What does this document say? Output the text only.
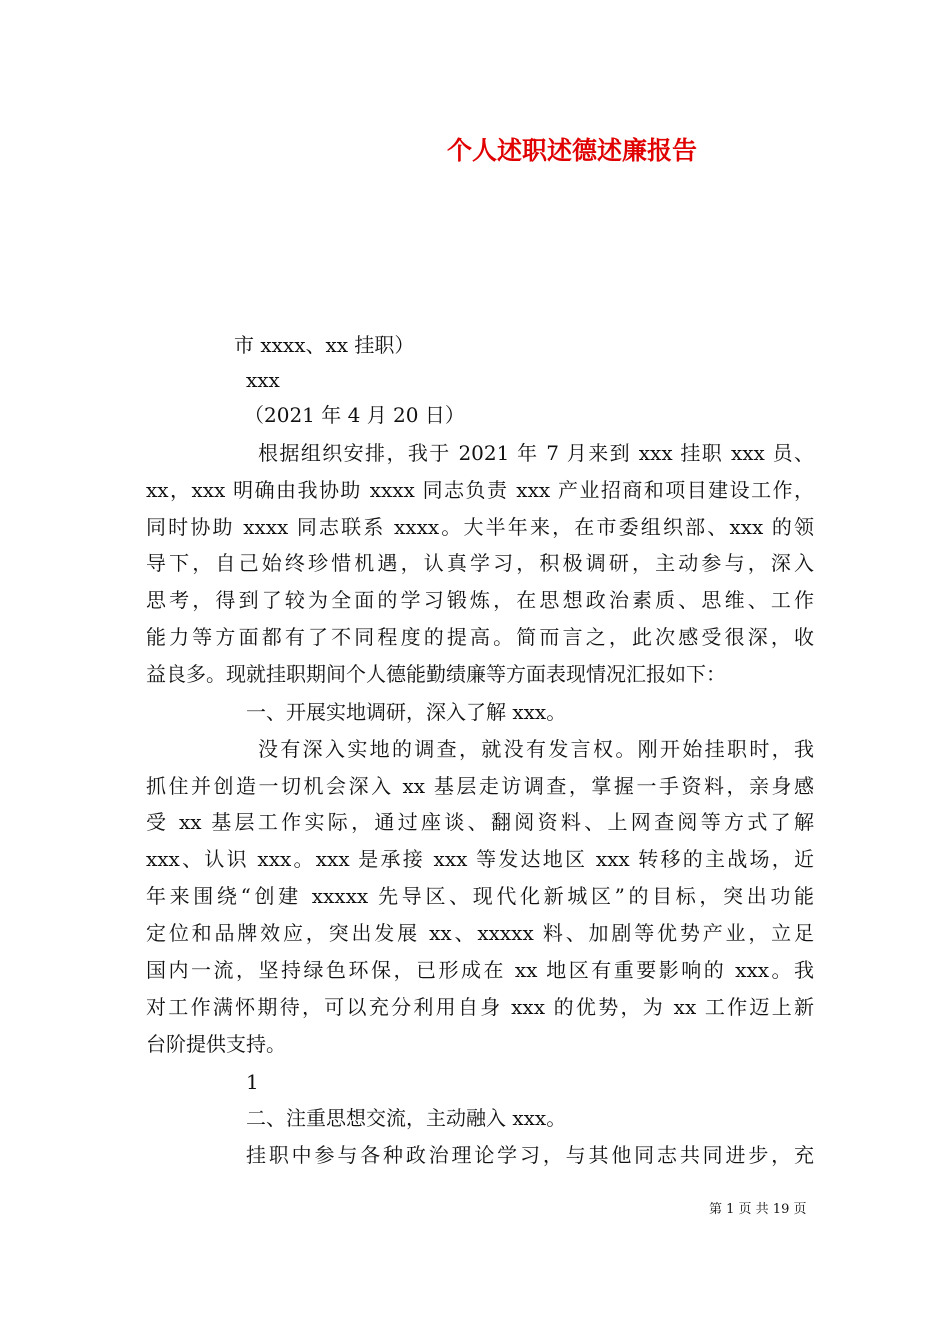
个人述职述德述廉报告
市 xxxx、xx 挂职）
xxx
（2021 年 4 月 20 日）
根据组织安排，我于 2021 年 7 月来到 xxx 挂职 xxx 员、
xx，xxx 明确由我协助 xxxx 同志负责 xxx 产业招商和项目建设工作，
同时协助 xxxx 同志联系 xxxx。大半年来，在市委组织部、xxx 的领
导下，自己始终珍惜机遇，认真学习，积极调研，主动参与，深入
思考，得到了较为全面的学习锻炼，在思想政治素质、思维、工作
能力等方面都有了不同程度的提高。简而言之，此次感受很深，收
益良多。现就挂职期间个人德能勤绩廉等方面表现情况汇报如下：
一、开展实地调研，深入了解 xxx。
没有深入实地的调查，就没有发言权。刚开始挂职时，我
抓住并创造一切机会深入 xx 基层走访调查，掌握一手资料，亲身感
受 xx 基层工作实际，通过座谈、翻阅资料、上网查阅等方式了解
xxx、认识 xxx。xxx 是承接 xxx 等发达地区 xxx 转移的主战场，近
年来围绕“创建 xxxxx 先导区、现代化新城区”的目标，突出功能
定位和品牌效应，突出发展 xx、xxxxx 料、加剧等优势产业，立足
国内一流，坚持绿色环保，已形成在 xx 地区有重要影响的 xxx。我
对工作满怀期待，可以充分利用自身 xxx 的优势，为 xx 工作迈上新
台阶提供支持。
1
二、注重思想交流，主动融入 xxx。
挂职中参与各种政治理论学习，与其他同志共同进步，充
第 1 页 共 19 页
